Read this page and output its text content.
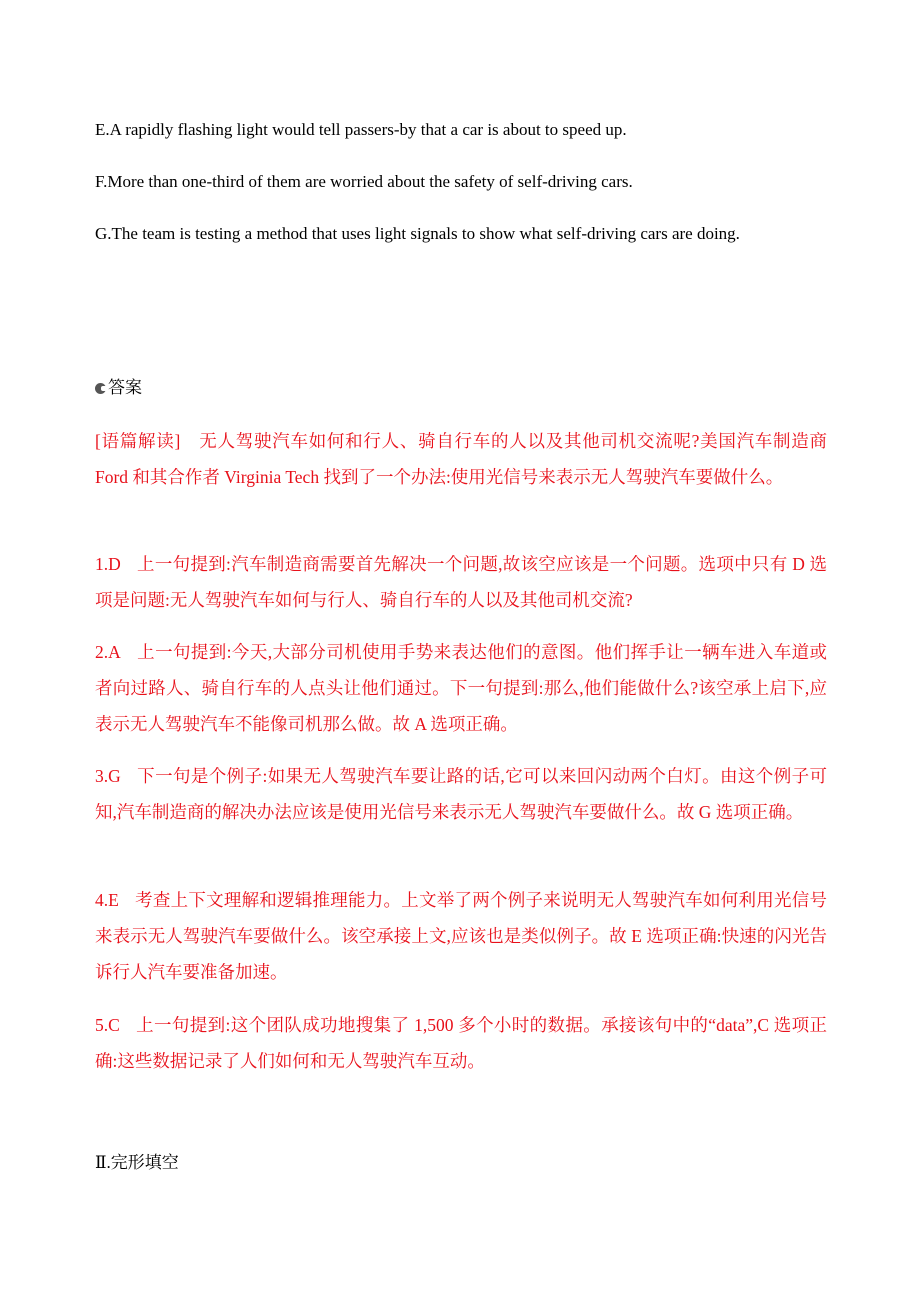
E.A rapidly flashing light would tell passers-by that a car is about to speed up.
F.More than one-third of them are worried about the safety of self-driving cars.
G.The team is testing a method that uses light signals to show what self-driving cars are doing.
答案
[语篇解读]　无人驾驶汽车如何和行人、骑自行车的人以及其他司机交流呢?美国汽车制造商 Ford 和其合作者 Virginia Tech 找到了一个办法:使用光信号来表示无人驾驶汽车要做什么。
1.D 上一句提到:汽车制造商需要首先解决一个问题,故该空应该是一个问题。选项中只有 D 选项是问题:无人驾驶汽车如何与行人、骑自行车的人以及其他司机交流?
2.A 上一句提到:今天,大部分司机使用手势来表达他们的意图。他们挥手让一辆车进入车道或者向过路人、骑自行车的人点头让他们通过。下一句提到:那么,他们能做什么?该空承上启下,应表示无人驾驶汽车不能像司机那么做。故 A 选项正确。
3.G 下一句是个例子:如果无人驾驶汽车要让路的话,它可以来回闪动两个白灯。由这个例子可知,汽车制造商的解决办法应该是使用光信号来表示无人驾驶汽车要做什么。故 G 选项正确。
4.E 考查上下文理解和逻辑推理能力。上文举了两个例子来说明无人驾驶汽车如何利用光信号来表示无人驾驶汽车要做什么。该空承接上文,应该也是类似例子。故 E 选项正确:快速的闪光告诉行人汽车要准备加速。
5.C 上一句提到:这个团队成功地搜集了 1,500 多个小时的数据。承接该句中的“data”,C 选项正确:这些数据记录了人们如何和无人驾驶汽车互动。
Ⅱ.完形填空
